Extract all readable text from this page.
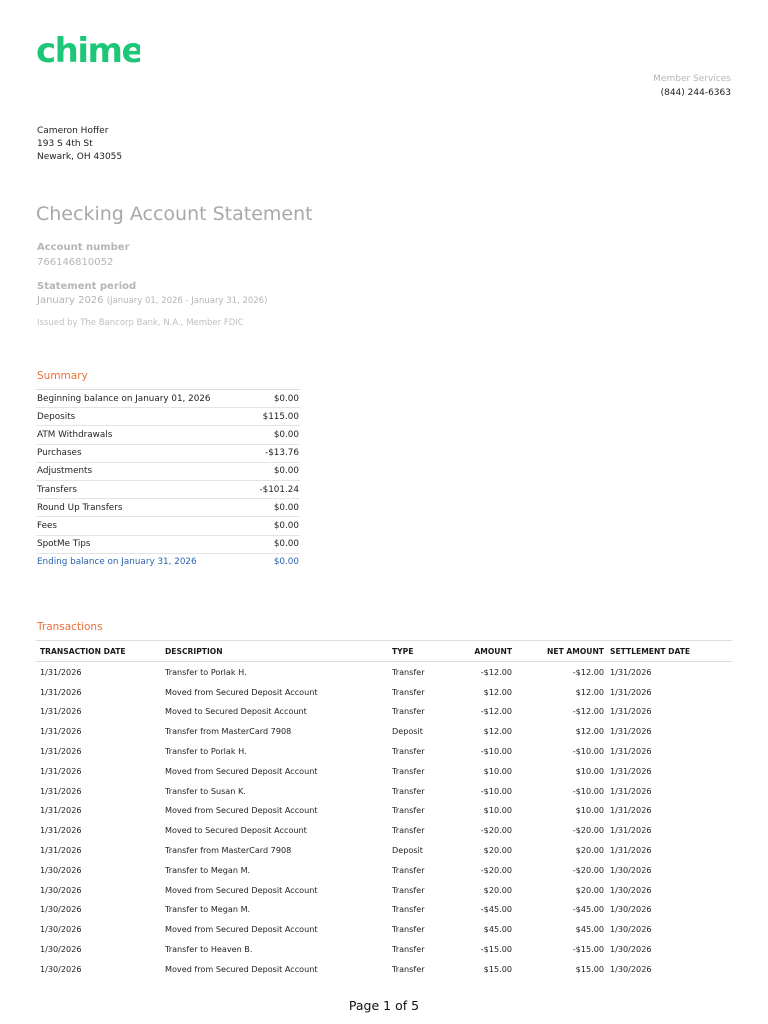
chime
Member Services
(844) 244-6363
Cameron Hoffer
193 S 4th St
Newark, OH 43055
Checking Account Statement
Account number
766146810052
Statement period
January 2026 (January 01, 2026 - January 31, 2026)
Issued by The Bancorp Bank, N.A., Member FDIC
Summary
Beginning balance on January 01, 2026	$0.00
Deposits	$115.00
ATM Withdrawals	$0.00
Purchases	-$13.76
Adjustments	$0.00
Transfers	-$101.24
Round Up Transfers	$0.00
Fees	$0.00
SpotMe Tips	$0.00
Ending balance on January 31, 2026	$0.00
Transactions
TRANSACTION DATE	DESCRIPTION	TYPE	AMOUNT	NET AMOUNT SETTLEMENT DATE
1/31/2026	Transfer to Porlak H.	Transfer	-$12.00	-$12.00 1/31/2026
1/31/2026	Moved from Secured Deposit Account	Transfer	$12.00	$12.00 1/31/2026
1/31/2026	Moved to Secured Deposit Account	Transfer	-$12.00	-$12.00 1/31/2026
1/31/2026	Transfer from MasterCard 7908	Deposit	$12.00	$12.00 1/31/2026
1/31/2026	Transfer to Porlak H.	Transfer	-$10.00	-$10.00 1/31/2026
1/31/2026	Moved from Secured Deposit Account	Transfer	$10.00	$10.00 1/31/2026
1/31/2026	Transfer to Susan K.	Transfer	-$10.00	-$10.00 1/31/2026
1/31/2026	Moved from Secured Deposit Account	Transfer	$10.00	$10.00 1/31/2026
1/31/2026	Moved to Secured Deposit Account	Transfer	-$20.00	-$20.00 1/31/2026
1/31/2026	Transfer from MasterCard 7908	Deposit	$20.00	$20.00 1/31/2026
1/30/2026	Transfer to Megan M.	Transfer	-$20.00	-$20.00 1/30/2026
1/30/2026	Moved from Secured Deposit Account	Transfer	$20.00	$20.00 1/30/2026
1/30/2026	Transfer to Megan M.	Transfer	-$45.00	-$45.00 1/30/2026
1/30/2026	Moved from Secured Deposit Account	Transfer	$45.00	$45.00 1/30/2026
1/30/2026	Transfer to Heaven B.	Transfer	-$15.00	-$15.00 1/30/2026
1/30/2026	Moved from Secured Deposit Account	Transfer	$15.00	$15.00 1/30/2026
Page 1 of 5
